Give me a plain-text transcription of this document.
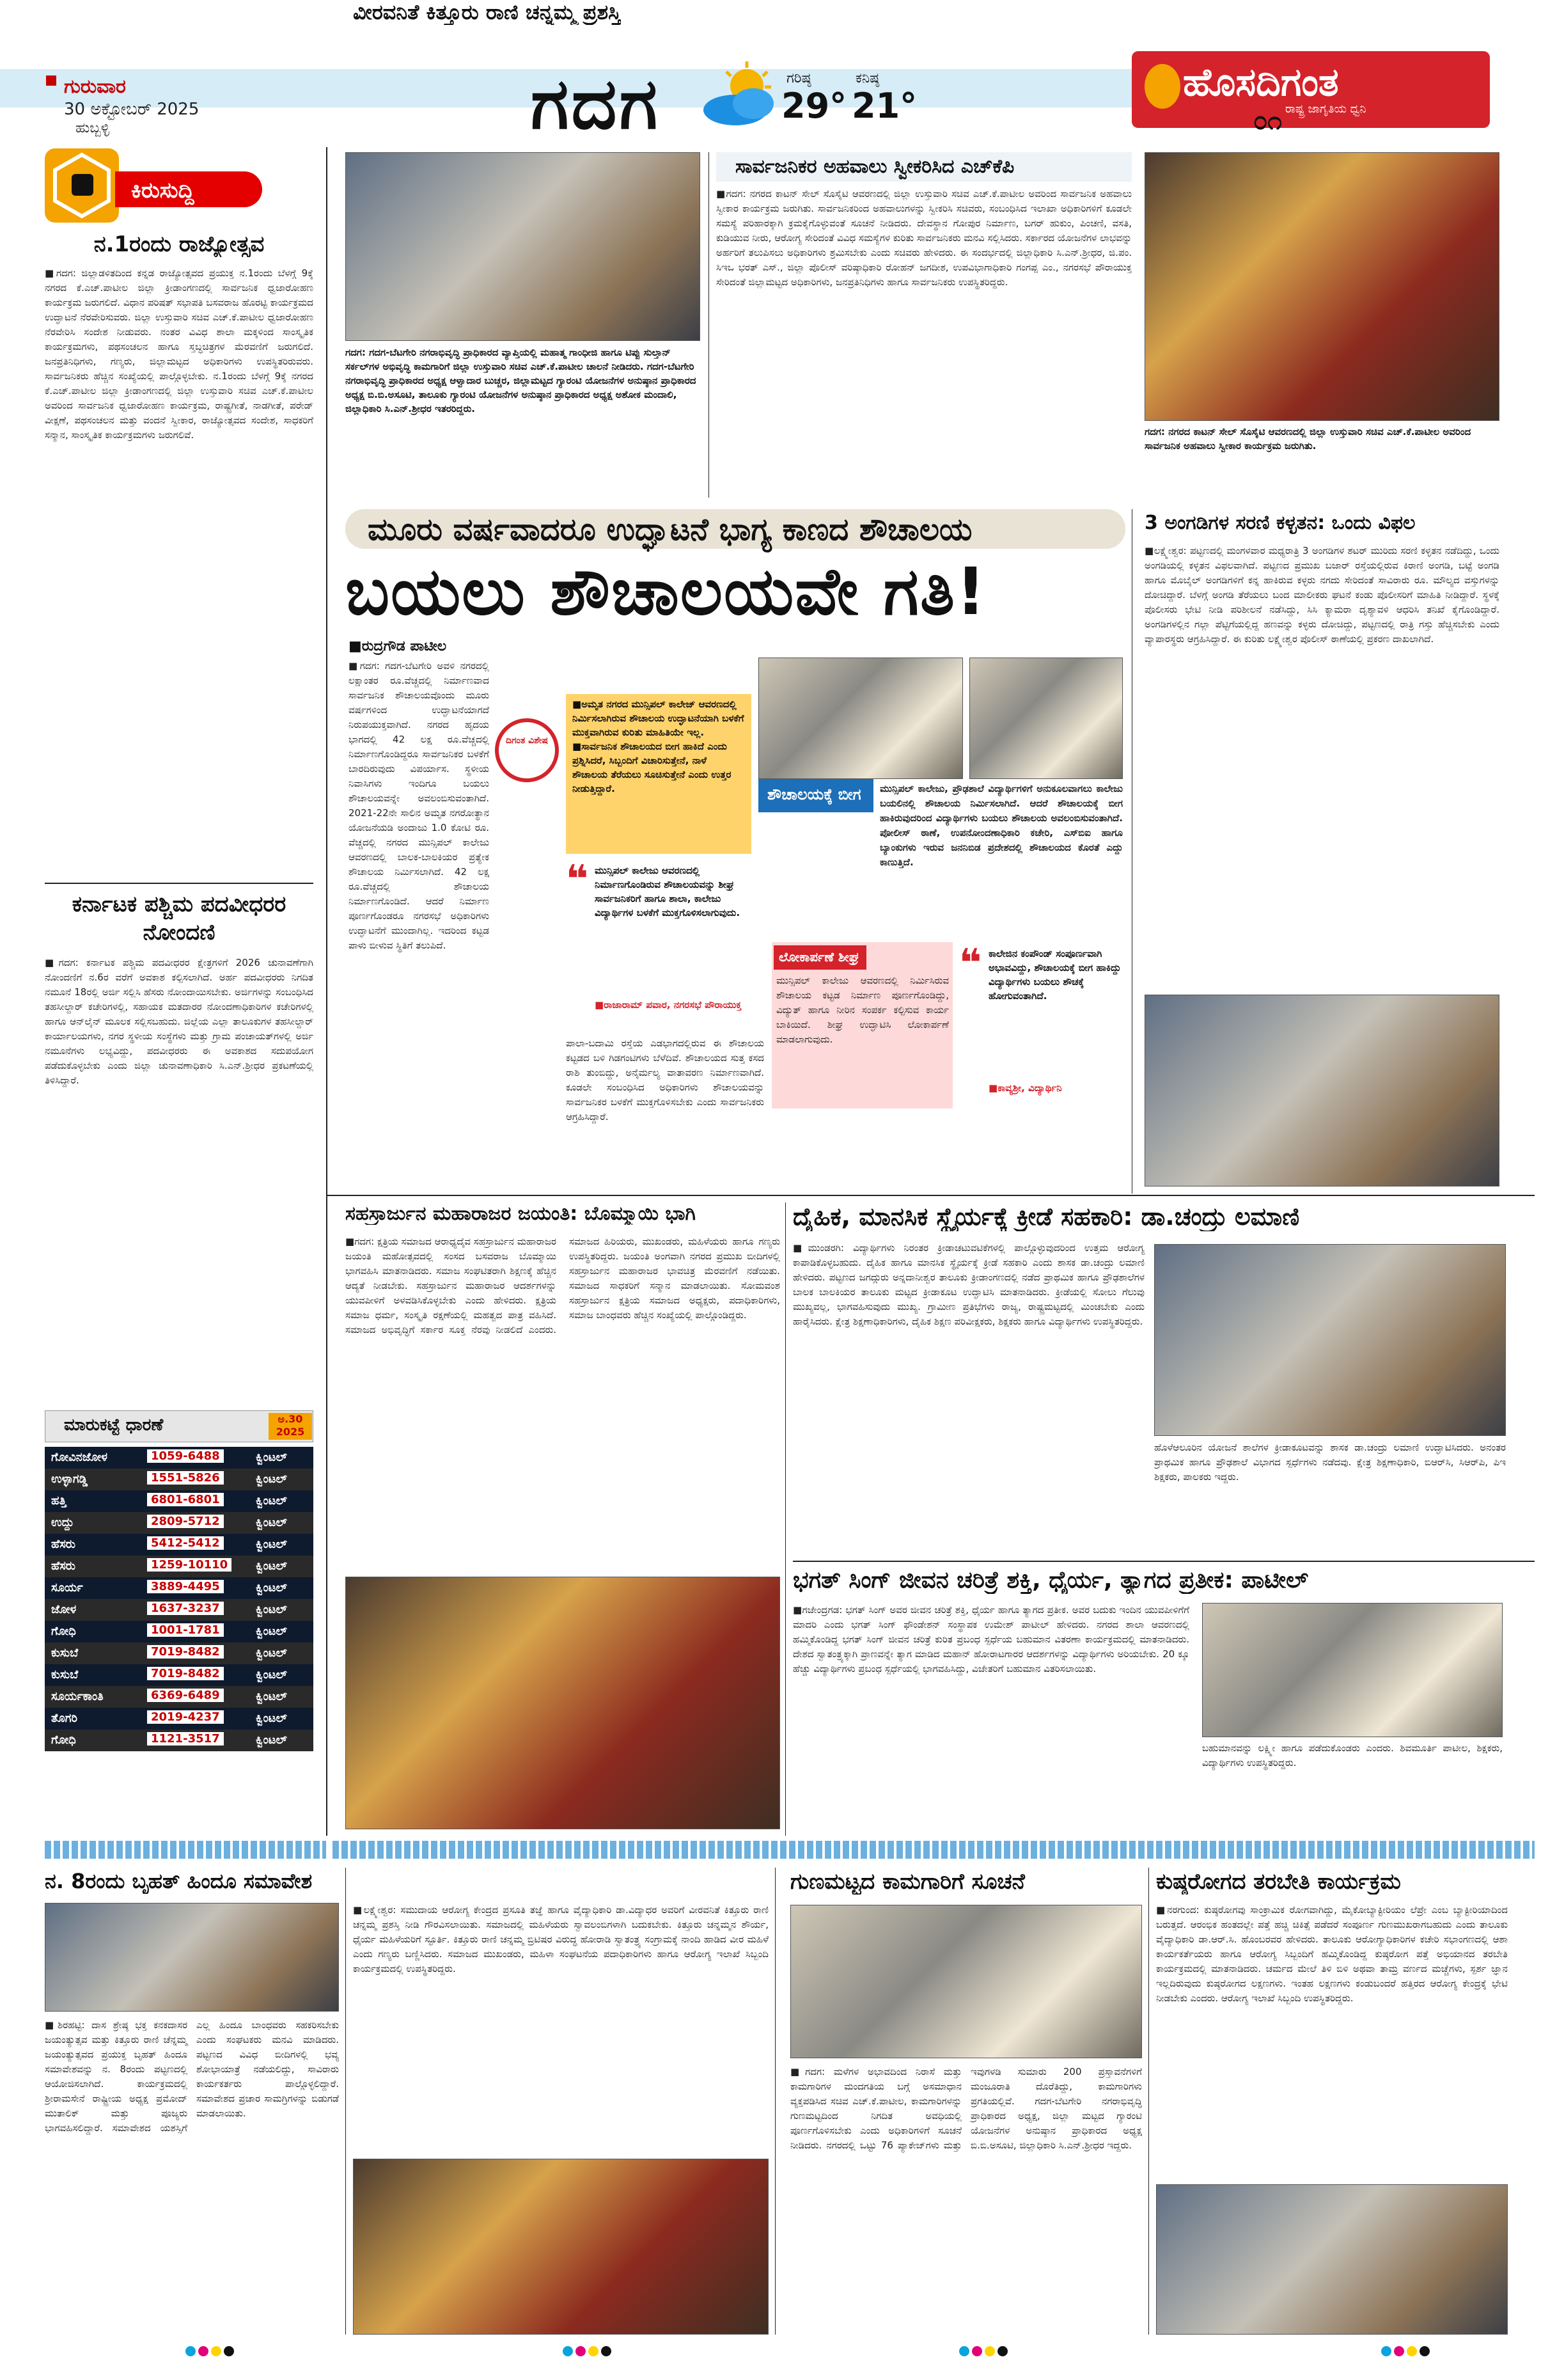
ಗುರುವಾರ
30 ಅಕ್ಟೋಬರ್ 2025
ಹುಬ್ಬಳ್ಳಿ	ಗದಗ	ಗರಿಷ್ಠ
29°
ಕನಿಷ್ಠ
21°
ಹೊಸದಿಗಂತ
ರಾಷ್ಟ್ರ ಜಾಗೃತಿಯ ಧ್ವನಿ
೦೧
ಕಿರುಸುದ್ದಿ
ನ.1ರಂದು ರಾಜ್ಯೋತ್ಸವ
■ಗದಗ: ಜಿಲ್ಲಾಡಳಿತದಿಂದ ಕನ್ನಡ ರಾಜ್ಯೋತ್ಸವದ ಪ್ರಯುಕ್ತ ನ.1ರಂದು ಬೆಳಗ್ಗೆ 9ಕ್ಕೆ ನಗರದ ಕೆ.ಎಚ್.ಪಾಟೀಲ ಜಿಲ್ಲಾ ಕ್ರೀಡಾಂಗಣದಲ್ಲಿ ಸಾರ್ವಜನಿಕ ಧ್ವಜಾರೋಹಣ ಕಾರ್ಯಕ್ರಮ ಜರುಗಲಿದೆ. ವಿಧಾನ ಪರಿಷತ್ ಸಭಾಪತಿ ಬಸವರಾಜ ಹೊರಟ್ಟಿ ಕಾರ್ಯಕ್ರಮದ ಉದ್ಘಾಟನೆ ನೆರವೇರಿಸುವರು. ಜಿಲ್ಲಾ ಉಸ್ತುವಾರಿ ಸಚಿವ ಎಚ್.ಕೆ.ಪಾಟೀಲ ಧ್ವಜಾರೋಹಣ ನೆರವೇರಿಸಿ ಸಂದೇಶ ನೀಡುವರು. ನಂತರ ವಿವಿಧ ಶಾಲಾ ಮಕ್ಕಳಿಂದ ಸಾಂಸ್ಕೃತಿಕ ಕಾರ್ಯಕ್ರಮಗಳು, ಪಥಸಂಚಲನ ಹಾಗೂ ಸ್ತಬ್ಧಚಿತ್ರಗಳ ಮೆರವಣಿಗೆ ಜರುಗಲಿದೆ. ಜನಪ್ರತಿನಿಧಿಗಳು, ಗಣ್ಯರು, ಜಿಲ್ಲಾಮಟ್ಟದ ಅಧಿಕಾರಿಗಳು ಉಪಸ್ಥಿತರಿರುವರು. ಸಾರ್ವಜನಿಕರು ಹೆಚ್ಚಿನ ಸಂಖ್ಯೆಯಲ್ಲಿ ಪಾಲ್ಗೊಳ್ಳಬೇಕು. ನ.1ರಂದು ಬೆಳಗ್ಗೆ 9ಕ್ಕೆ ನಗರದ ಕೆ.ಎಚ್.ಪಾಟೀಲ ಜಿಲ್ಲಾ ಕ್ರೀಡಾಂಗಣದಲ್ಲಿ ಜಿಲ್ಲಾ ಉಸ್ತುವಾರಿ ಸಚಿವ ಎಚ್.ಕೆ.ಪಾಟೀಲ ಅವರಿಂದ ಸಾರ್ವಜನಿಕ ಧ್ವಜಾರೋಹಣ ಕಾರ್ಯಕ್ರಮ, ರಾಷ್ಟ್ರಗೀತೆ, ನಾಡಗೀತೆ, ಪರೇಡ್ ವೀಕ್ಷಣೆ, ಪಥಸಂಚಲನ ಮತ್ತು ವಂದನೆ ಸ್ವೀಕಾರ, ರಾಜ್ಯೋತ್ಸವದ ಸಂದೇಶ, ಸಾಧಕರಿಗೆ ಸನ್ಮಾನ, ಸಾಂಸ್ಕೃತಿಕ ಕಾರ್ಯಕ್ರಮಗಳು ಜರುಗಲಿವೆ.
ಕರ್ನಾಟಕ ಪಶ್ಚಿಮ ಪದವೀಧರರ ನೋಂದಣಿ
■ಗದಗ: ಕರ್ನಾಟಕ ಪಶ್ಚಿಮ ಪದವೀಧರರ ಕ್ಷೇತ್ರಗಳಿಗೆ 2026 ಚುನಾವಣೆಗಾಗಿ ನೋಂದಣಿಗೆ ನ.6ರ ವರೆಗೆ ಅವಕಾಶ ಕಲ್ಪಿಸಲಾಗಿದೆ. ಅರ್ಹ ಪದವೀಧರರು ನಿಗದಿತ ನಮೂನೆ 18ರಲ್ಲಿ ಅರ್ಜಿ ಸಲ್ಲಿಸಿ ಹೆಸರು ನೋಂದಾಯಿಸಬೇಕು. ಅರ್ಜಿಗಳನ್ನು ಸಂಬಂಧಿಸಿದ ತಹಸೀಲ್ದಾರ್ ಕಚೇರಿಗಳಲ್ಲಿ, ಸಹಾಯಕ ಮತದಾರರ ನೋಂದಣಾಧಿಕಾರಿಗಳ ಕಚೇರಿಗಳಲ್ಲಿ ಹಾಗೂ ಆನ್‌ಲೈನ್ ಮೂಲಕ ಸಲ್ಲಿಸಬಹುದು. ಜಿಲ್ಲೆಯ ಎಲ್ಲಾ ತಾಲೂಕುಗಳ ತಹಸೀಲ್ದಾರ್ ಕಾರ್ಯಾಲಯಗಳು, ನಗರ ಸ್ಥಳೀಯ ಸಂಸ್ಥೆಗಳು ಮತ್ತು ಗ್ರಾಮ ಪಂಚಾಯತ್‌ಗಳಲ್ಲಿ ಅರ್ಜಿ ನಮೂನೆಗಳು ಲಭ್ಯವಿದ್ದು, ಪದವೀಧರರು ಈ ಅವಕಾಶದ ಸದುಪಯೋಗ ಪಡೆದುಕೊಳ್ಳಬೇಕು ಎಂದು ಜಿಲ್ಲಾ ಚುನಾವಣಾಧಿಕಾರಿ ಸಿ.ಎನ್.ಶ್ರೀಧರ ಪ್ರಕಟಣೆಯಲ್ಲಿ ತಿಳಿಸಿದ್ದಾರೆ.
ಮಾರುಕಟ್ಟೆ ಧಾರಣೆ	ಅ.30 2025
ಗೋವಿನಜೋಳ	1059-6488	ಕ್ವಿಂಟಲ್
ಉಳ್ಳಾಗಡ್ಡಿ	1551-5826	ಕ್ವಿಂಟಲ್
ಹತ್ತಿ	6801-6801	ಕ್ವಿಂಟಲ್
ಉದ್ದು	2809-5712	ಕ್ವಿಂಟಲ್
ಹೆಸರು	5412-5412	ಕ್ವಿಂಟಲ್
ಹೆಸರು	1259-10110	ಕ್ವಿಂಟಲ್
ಸೂರ್ಯ	3889-4495	ಕ್ವಿಂಟಲ್
ಜೋಳ	1637-3237	ಕ್ವಿಂಟಲ್
ಗೋಧಿ	1001-1781	ಕ್ವಿಂಟಲ್
ಕುಸುಬೆ	7019-8482	ಕ್ವಿಂಟಲ್
ಕುಸುಬೆ	7019-8482	ಕ್ವಿಂಟಲ್
ಸೂರ್ಯಕಾಂತಿ	6369-6489	ಕ್ವಿಂಟಲ್
ತೊಗರಿ	2019-4237	ಕ್ವಿಂಟಲ್
ಗೋಧಿ	1121-3517	ಕ್ವಿಂಟಲ್
ಗದಗ: ಗದಗ-ಬೆಟಗೇರಿ ನಗರಾಭಿವೃದ್ಧಿ ಪ್ರಾಧಿಕಾರದ ವ್ಯಾಪ್ತಿಯಲ್ಲಿ ಮಹಾತ್ಮ ಗಾಂಧೀಜಿ ಹಾಗೂ ಟಿಪ್ಪು ಸುಲ್ತಾನ್ ಸರ್ಕಲ್‌ಗಳ ಅಭಿವೃದ್ಧಿ ಕಾಮಗಾರಿಗೆ ಜಿಲ್ಲಾ ಉಸ್ತುವಾರಿ ಸಚಿವ ಎಚ್.ಕೆ.ಪಾಟೀಲ ಚಾಲನೆ ನೀಡಿದರು. ಗದಗ-ಬೆಟಗೇರಿ ನಗರಾಭಿವೃದ್ಧಿ ಪ್ರಾಧಿಕಾರದ ಅಧ್ಯಕ್ಷ ಆಳ್ವಾದಾರ ಬುಚ್ಚರ, ಜಿಲ್ಲಾಮಟ್ಟದ ಗ್ಯಾರಂಟಿ ಯೋಜನೆಗಳ ಅನುಷ್ಠಾನ ಪ್ರಾಧಿಕಾರದ ಅಧ್ಯಕ್ಷ ಬಿ.ಬಿ.ಅಸೂಟಿ, ತಾಲೂಕು ಗ್ಯಾರಂಟಿ ಯೋಜನೆಗಳ ಅನುಷ್ಠಾನ ಪ್ರಾಧಿಕಾರದ ಅಧ್ಯಕ್ಷ ಅಶೋಕ ಮಂದಾಲಿ, ಜಿಲ್ಲಾಧಿಕಾರಿ ಸಿ.ಎನ್.ಶ್ರೀಧರ ಇತರರಿದ್ದರು.
ಸಾರ್ವಜನಿಕರ ಅಹವಾಲು ಸ್ವೀಕರಿಸಿದ ಎಚ್‌ಕೆಪಿ
■ಗದಗ: ನಗರದ ಕಾಟನ್ ಸೇಲ್ ಸೊಸೈಟಿ ಆವರಣದಲ್ಲಿ ಜಿಲ್ಲಾ ಉಸ್ತುವಾರಿ ಸಚಿವ ಎಚ್.ಕೆ.ಪಾಟೀಲ ಅವರಿಂದ ಸಾರ್ವಜನಿಕ ಅಹವಾಲು ಸ್ವೀಕಾರ ಕಾರ್ಯಕ್ರಮ ಜರುಗಿತು. ಸಾರ್ವಜನಿಕರಿಂದ ಅಹವಾಲುಗಳನ್ನು ಸ್ವೀಕರಿಸಿ ಸಚಿವರು, ಸಂಬಂಧಿಸಿದ ಇಲಾಖಾ ಅಧಿಕಾರಿಗಳಿಗೆ ಕೂಡಲೇ ಸಮಸ್ಯೆ ಪರಿಹಾರಕ್ಕಾಗಿ ಕ್ರಮಕೈಗೊಳ್ಳುವಂತೆ ಸೂಚನೆ ನೀಡಿದರು. ದೇವಸ್ಥಾನ ಗೋಪುರ ನಿರ್ಮಾಣ, ಬಗರ್ ಹುಕುಂ, ಪಿಂಚಣಿ, ವಸತಿ, ಕುಡಿಯುವ ನೀರು, ಆರೋಗ್ಯ ಸೇರಿದಂತೆ ವಿವಿಧ ಸಮಸ್ಯೆಗಳ ಕುರಿತು ಸಾರ್ವಜನಿಕರು ಮನವಿ ಸಲ್ಲಿಸಿದರು. ಸರ್ಕಾರದ ಯೋಜನೆಗಳ ಲಾಭವನ್ನು ಅರ್ಹರಿಗೆ ತಲುಪಿಸಲು ಅಧಿಕಾರಿಗಳು ಶ್ರಮಿಸಬೇಕು ಎಂದು ಸಚಿವರು ಹೇಳಿದರು. ಈ ಸಂದರ್ಭದಲ್ಲಿ ಜಿಲ್ಲಾಧಿಕಾರಿ ಸಿ.ಎನ್.ಶ್ರೀಧರ, ಜಿ.ಪಂ. ಸಿಇಒ ಭರತ್ ಎಸ್., ಜಿಲ್ಲಾ ಪೊಲೀಸ್ ವರಿಷ್ಠಾಧಿಕಾರಿ ರೋಹನ್ ಜಗದೀಶ, ಉಪವಿಭಾಗಾಧಿಕಾರಿ ಗಂಗಪ್ಪ ಎಂ., ನಗರಸಭೆ ಪೌರಾಯುಕ್ತ ಸೇರಿದಂತೆ ಜಿಲ್ಲಾಮಟ್ಟದ ಅಧಿಕಾರಿಗಳು, ಜನಪ್ರತಿನಿಧಿಗಳು ಹಾಗೂ ಸಾರ್ವಜನಿಕರು ಉಪಸ್ಥಿತರಿದ್ದರು.
ಗದಗ: ನಗರದ ಕಾಟನ್ ಸೇಲ್ ಸೊಸೈಟಿ ಆವರಣದಲ್ಲಿ ಜಿಲ್ಲಾ ಉಸ್ತುವಾರಿ ಸಚಿವ ಎಚ್.ಕೆ.ಪಾಟೀಲ ಅವರಿಂದ ಸಾರ್ವಜನಿಕ ಅಹವಾಲು ಸ್ವೀಕಾರ ಕಾರ್ಯಕ್ರಮ ಜರುಗಿತು.
ಮೂರು ವರ್ಷವಾದರೂ ಉದ್ಘಾಟನೆ ಭಾಗ್ಯ ಕಾಣದ ಶೌಚಾಲಯ
ಬಯಲು ಶೌಚಾಲಯವೇ ಗತಿ!
■ರುದ್ರಗೌಡ ಪಾಟೀಲ
■ಗದಗ: ಗದಗ-ಬೆಟಗೇರಿ ಅವಳಿ ನಗರದಲ್ಲಿ ಲಕ್ಷಾಂತರ ರೂ.ವೆಚ್ಚದಲ್ಲಿ ನಿರ್ಮಾಣವಾದ ಸಾರ್ವಜನಿಕ ಶೌಚಾಲಯವೊಂದು ಮೂರು ವರ್ಷಗಳಿಂದ ಉದ್ಘಾಟನೆಯಾಗದೆ ನಿರುಪಯುಕ್ತವಾಗಿದೆ. ನಗರದ ಹೃದಯ ಭಾಗದಲ್ಲಿ 42 ಲಕ್ಷ ರೂ.ವೆಚ್ಚದಲ್ಲಿ ನಿರ್ಮಾಣಗೊಂಡಿದ್ದರೂ ಸಾರ್ವಜನಿಕರ ಬಳಕೆಗೆ ಬಾರದಿರುವುದು ವಿಪರ್ಯಾಸ. ಸ್ಥಳೀಯ ನಿವಾಸಿಗಳು ಇಂದಿಗೂ ಬಯಲು ಶೌಚಾಲಯವನ್ನೇ ಅವಲಂಬಿಸುವಂತಾಗಿದೆ. 2021-22ನೇ ಸಾಲಿನ ಅಮೃತ ನಗರೋತ್ಥಾನ ಯೋಜನೆಯಡಿ ಅಂದಾಜು 1.0 ಕೋಟಿ ರೂ. ವೆಚ್ಚದಲ್ಲಿ ನಗರದ ಮುನ್ಸಿಪಲ್ ಕಾಲೇಜು ಆವರಣದಲ್ಲಿ ಬಾಲಕ-ಬಾಲಕಿಯರ ಪ್ರತ್ಯೇಕ ಶೌಚಾಲಯ ನಿರ್ಮಿಸಲಾಗಿದೆ. 42 ಲಕ್ಷ ರೂ.ವೆಚ್ಚದಲ್ಲಿ ಶೌಚಾಲಯ ನಿರ್ಮಾಣಗೊಂಡಿದೆ. ಆದರೆ ನಿರ್ಮಾಣ ಪೂರ್ಣಗೊಂಡರೂ ನಗರಸಭೆ ಅಧಿಕಾರಿಗಳು ಉದ್ಘಾಟನೆಗೆ ಮುಂದಾಗಿಲ್ಲ. ಇದರಿಂದ ಕಟ್ಟಡ ಪಾಳು ಬೀಳುವ ಸ್ಥಿತಿಗೆ ತಲುಪಿದೆ.
ದಿಗಂತ ವಿಶೇಷ
■ಅಮೃತ ನಗರದ ಮುನ್ಸಿಪಲ್ ಕಾಲೇಜ್ ಆವರಣದಲ್ಲಿ ನಿರ್ಮಿಸಲಾಗಿರುವ ಶೌಚಾಲಯ ಉದ್ಘಾಟನೆಯಾಗಿ ಬಳಕೆಗೆ ಮುಕ್ತವಾಗಿರುವ ಕುರಿತು ಮಾಹಿತಿಯೇ ಇಲ್ಲ. ■ಸಾರ್ವಜನಿಕ ಶೌಚಾಲಯದ ಬೀಗ ಹಾಕಿದೆ ಎಂದು ಪ್ರಶ್ನಿಸಿದರೆ, ಸಿಬ್ಬಂದಿಗೆ ವಿಚಾರಿಸುತ್ತೇನೆ, ನಾಳೆ ಶೌಚಾಲಯ ತೆರೆಯಲು ಸೂಚಿಸುತ್ತೇನೆ ಎಂದು ಉತ್ತರ ನೀಡುತ್ತಿದ್ದಾರೆ.	ಶೌಚಾಲಯಕ್ಕೆ ಬೀಗ ಮುನ್ಸಿಪಲ್ ಕಾಲೇಜು, ಪ್ರೌಢಶಾಲೆ ವಿದ್ಯಾರ್ಥಿಗಳಿಗೆ ಅನುಕೂಲವಾಗಲು ಕಾಲೇಜು ಬಯಲಿನಲ್ಲಿ ಶೌಚಾಲಯ ನಿರ್ಮಿಸಲಾಗಿದೆ. ಆದರೆ ಶೌಚಾಲಯಕ್ಕೆ ಬೀಗ ಹಾಕಿರುವುದರಿಂದ ವಿದ್ಯಾರ್ಥಿಗಳು ಬಯಲು ಶೌಚಾಲಯ ಅವಲಂಬಿಸುವಂತಾಗಿದೆ. ಪೋಲೀಸ್ ಠಾಣೆ, ಉಪನೋಂದಣಾಧಿಕಾರಿ ಕಚೇರಿ, ಎಸ್‌ಬಿಐ ಹಾಗೂ ಬ್ಯಾಂಕುಗಳು ಇರುವ ಜನನಿಬಿಡ ಪ್ರದೇಶದಲ್ಲಿ ಶೌಚಾಲಯದ ಕೊರತೆ ಎದ್ದು ಕಾಣುತ್ತಿದೆ.
❝ ಮುನ್ಸಿಪಲ್ ಕಾಲೇಜು ಆವರಣದಲ್ಲಿ ನಿರ್ಮಾಣಗೊಂಡಿರುವ ಶೌಚಾಲಯವನ್ನು ಶೀಘ್ರ ಸಾರ್ವಜನಿಕರಿಗೆ ಹಾಗೂ ಶಾಲಾ, ಕಾಲೇಜು ವಿದ್ಯಾರ್ಥಿಗಳ ಬಳಕೆಗೆ ಮುಕ್ತಗೊಳಿಸಲಾಗುವುದು.
■ರಾಜಾರಾಮ್ ಪವಾರ, ನಗರಸಭೆ ಪೌರಾಯುಕ್ತ
ಲೋಕಾರ್ಪಣೆ ಶೀಘ್ರ
ಮುನ್ಸಿಪಲ್ ಕಾಲೇಜು ಆವರಣದಲ್ಲಿ ನಿರ್ಮಿಸಿರುವ ಶೌಚಾಲಯ ಕಟ್ಟಡ ನಿರ್ಮಾಣ ಪೂರ್ಣಗೊಂಡಿದ್ದು, ವಿದ್ಯುತ್ ಹಾಗೂ ನೀರಿನ ಸಂಪರ್ಕ ಕಲ್ಪಿಸುವ ಕಾರ್ಯ ಬಾಕಿಯಿದೆ. ಶೀಘ್ರ ಉದ್ಘಾಟಿಸಿ ಲೋಕಾರ್ಪಣೆ ಮಾಡಲಾಗುವುದು.
❝ ಕಾಲೇಜಿನ ಕಂಪೌಂಡ್ ಸಂಪೂರ್ಣವಾಗಿ ಅಭಾವವಿದ್ದು, ಶೌಚಾಲಯಕ್ಕೆ ಬೀಗ ಹಾಕಿದ್ದು ವಿದ್ಯಾರ್ಥಿಗಳು ಬಯಲು ಶೌಚಕ್ಕೆ ಹೋಗುವಂತಾಗಿದೆ.
■ಕಾವ್ಯಶ್ರೀ, ವಿದ್ಯಾರ್ಥಿನಿ
ಪಾಲಾ-ಬದಾಮಿ ರಸ್ತೆಯ ಎಡಭಾಗದಲ್ಲಿರುವ ಈ ಶೌಚಾಲಯ ಕಟ್ಟಡದ ಬಳಿ ಗಿಡಗಂಟಿಗಳು ಬೆಳೆದಿವೆ. ಶೌಚಾಲಯದ ಸುತ್ತ ಕಸದ ರಾಶಿ ತುಂಬಿದ್ದು, ಅನೈರ್ಮಲ್ಯ ವಾತಾವರಣ ನಿರ್ಮಾಣವಾಗಿದೆ. ಕೂಡಲೇ ಸಂಬಂಧಿಸಿದ ಅಧಿಕಾರಿಗಳು ಶೌಚಾಲಯವನ್ನು ಸಾರ್ವಜನಿಕರ ಬಳಕೆಗೆ ಮುಕ್ತಗೊಳಿಸಬೇಕು ಎಂದು ಸಾರ್ವಜನಿಕರು ಆಗ್ರಹಿಸಿದ್ದಾರೆ.
3 ಅಂಗಡಿಗಳ ಸರಣಿ ಕಳ್ಳತನ: ಒಂದು ವಿಫಲ
■ಲಕ್ಷ್ಮೇಶ್ವರ: ಪಟ್ಟಣದಲ್ಲಿ ಮಂಗಳವಾರ ಮಧ್ಯರಾತ್ರಿ 3 ಅಂಗಡಿಗಳ ಶಟರ್ ಮುರಿದು ಸರಣಿ ಕಳ್ಳತನ ನಡೆದಿದ್ದು, ಒಂದು ಅಂಗಡಿಯಲ್ಲಿ ಕಳ್ಳತನ ವಿಫಲವಾಗಿದೆ. ಪಟ್ಟಣದ ಪ್ರಮುಖ ಬಜಾರ್ ರಸ್ತೆಯಲ್ಲಿರುವ ಕಿರಾಣಿ ಅಂಗಡಿ, ಬಟ್ಟೆ ಅಂಗಡಿ ಹಾಗೂ ಮೊಬೈಲ್ ಅಂಗಡಿಗಳಿಗೆ ಕನ್ನ ಹಾಕಿರುವ ಕಳ್ಳರು ನಗದು ಸೇರಿದಂತೆ ಸಾವಿರಾರು ರೂ. ಮೌಲ್ಯದ ವಸ್ತುಗಳನ್ನು ದೋಚಿದ್ದಾರೆ. ಬೆಳಗ್ಗೆ ಅಂಗಡಿ ತೆರೆಯಲು ಬಂದ ಮಾಲೀಕರು ಘಟನೆ ಕಂಡು ಪೊಲೀಸರಿಗೆ ಮಾಹಿತಿ ನೀಡಿದ್ದಾರೆ. ಸ್ಥಳಕ್ಕೆ ಪೊಲೀಸರು ಭೇಟಿ ನೀಡಿ ಪರಿಶೀಲನೆ ನಡೆಸಿದ್ದು, ಸಿಸಿ ಕ್ಯಾಮರಾ ದೃಶ್ಯಾವಳಿ ಆಧರಿಸಿ ತನಿಖೆ ಕೈಗೊಂಡಿದ್ದಾರೆ. ಅಂಗಡಿಗಳಲ್ಲಿನ ಗಲ್ಲಾ ಪೆಟ್ಟಿಗೆಯಲ್ಲಿದ್ದ ಹಣವನ್ನು ಕಳ್ಳರು ದೋಚಿದ್ದು, ಪಟ್ಟಣದಲ್ಲಿ ರಾತ್ರಿ ಗಸ್ತು ಹೆಚ್ಚಿಸಬೇಕು ಎಂದು ವ್ಯಾಪಾರಸ್ಥರು ಆಗ್ರಹಿಸಿದ್ದಾರೆ. ಈ ಕುರಿತು ಲಕ್ಷ್ಮೇಶ್ವರ ಪೊಲೀಸ್ ಠಾಣೆಯಲ್ಲಿ ಪ್ರಕರಣ ದಾಖಲಾಗಿದೆ.
ಸಹಸ್ರಾರ್ಜುನ ಮಹಾರಾಜರ ಜಯಂತಿ: ಬೊಮ್ಮಾಯಿ ಭಾಗಿ
■ಗದಗ: ಕ್ಷತ್ರಿಯ ಸಮಾಜದ ಆರಾಧ್ಯದೈವ ಸಹಸ್ರಾರ್ಜುನ ಮಹಾರಾಜರ ಜಯಂತಿ ಮಹೋತ್ಸವದಲ್ಲಿ ಸಂಸದ ಬಸವರಾಜ ಬೊಮ್ಮಾಯಿ ಭಾಗವಹಿಸಿ ಮಾತನಾಡಿದರು. ಸಮಾಜ ಸಂಘಟಿತರಾಗಿ ಶಿಕ್ಷಣಕ್ಕೆ ಹೆಚ್ಚಿನ ಆದ್ಯತೆ ನೀಡಬೇಕು. ಸಹಸ್ರಾರ್ಜುನ ಮಹಾರಾಜರ ಆದರ್ಶಗಳನ್ನು ಯುವಪೀಳಿಗೆ ಅಳವಡಿಸಿಕೊಳ್ಳಬೇಕು ಎಂದು ಹೇಳಿದರು. ಕ್ಷತ್ರಿಯ ಸಮಾಜ ಧರ್ಮ, ಸಂಸ್ಕೃತಿ ರಕ್ಷಣೆಯಲ್ಲಿ ಮಹತ್ವದ ಪಾತ್ರ ವಹಿಸಿದೆ. ಸಮಾಜದ ಅಭಿವೃದ್ಧಿಗೆ ಸರ್ಕಾರ ಸೂಕ್ತ ನೆರವು ನೀಡಲಿದೆ ಎಂದರು. ಸಮಾಜದ ಹಿರಿಯರು, ಮುಖಂಡರು, ಮಹಿಳೆಯರು ಹಾಗೂ ಗಣ್ಯರು ಉಪಸ್ಥಿತರಿದ್ದರು. ಜಯಂತಿ ಅಂಗವಾಗಿ ನಗರದ ಪ್ರಮುಖ ಬೀದಿಗಳಲ್ಲಿ ಸಹಸ್ರಾರ್ಜುನ ಮಹಾರಾಜರ ಭಾವಚಿತ್ರ ಮೆರವಣಿಗೆ ನಡೆಯಿತು. ಸಮಾಜದ ಸಾಧಕರಿಗೆ ಸನ್ಮಾನ ಮಾಡಲಾಯಿತು. ಸೋಮವಂಶ ಸಹಸ್ರಾರ್ಜುನ ಕ್ಷತ್ರಿಯ ಸಮಾಜದ ಅಧ್ಯಕ್ಷರು, ಪದಾಧಿಕಾರಿಗಳು, ಸಮಾಜ ಬಾಂಧವರು ಹೆಚ್ಚಿನ ಸಂಖ್ಯೆಯಲ್ಲಿ ಪಾಲ್ಗೊಂಡಿದ್ದರು.
ದೈಹಿಕ, ಮಾನಸಿಕ ಸ್ಥೈರ್ಯಕ್ಕೆ ಕ್ರೀಡೆ ಸಹಕಾರಿ: ಡಾ.ಚಂದ್ರು ಲಮಾಣಿ
■ಮುಂಡರಗಿ: ವಿದ್ಯಾರ್ಥಿಗಳು ನಿರಂತರ ಕ್ರೀಡಾಚಟುವಟಿಕೆಗಳಲ್ಲಿ ಪಾಲ್ಗೊಳ್ಳುವುದರಿಂದ ಉತ್ತಮ ಆರೋಗ್ಯ ಕಾಪಾಡಿಕೊಳ್ಳಬಹುದು. ದೈಹಿಕ ಹಾಗೂ ಮಾನಸಿಕ ಸ್ಥೈರ್ಯಕ್ಕೆ ಕ್ರೀಡೆ ಸಹಕಾರಿ ಎಂದು ಶಾಸಕ ಡಾ.ಚಂದ್ರು ಲಮಾಣಿ ಹೇಳಿದರು. ಪಟ್ಟಣದ ಜಗದ್ಗುರು ಅನ್ನದಾನೀಶ್ವರ ತಾಲೂಕು ಕ್ರೀಡಾಂಗಣದಲ್ಲಿ ನಡೆದ ಪ್ರಾಥಮಿಕ ಹಾಗೂ ಪ್ರೌಢಶಾಲೆಗಳ ಬಾಲಕ ಬಾಲಕಿಯರ ತಾಲೂಕು ಮಟ್ಟದ ಕ್ರೀಡಾಕೂಟ ಉದ್ಘಾಟಿಸಿ ಮಾತನಾಡಿದರು. ಕ್ರೀಡೆಯಲ್ಲಿ ಸೋಲು ಗೆಲುವು ಮುಖ್ಯವಲ್ಲ, ಭಾಗವಹಿಸುವುದು ಮುಖ್ಯ. ಗ್ರಾಮೀಣ ಪ್ರತಿಭೆಗಳು ರಾಜ್ಯ, ರಾಷ್ಟ್ರಮಟ್ಟದಲ್ಲಿ ಮಿಂಚಬೇಕು ಎಂದು ಹಾರೈಸಿದರು. ಕ್ಷೇತ್ರ ಶಿಕ್ಷಣಾಧಿಕಾರಿಗಳು, ದೈಹಿಕ ಶಿಕ್ಷಣ ಪರಿವೀಕ್ಷಕರು, ಶಿಕ್ಷಕರು ಹಾಗೂ ವಿದ್ಯಾರ್ಥಿಗಳು ಉಪಸ್ಥಿತರಿದ್ದರು.
ಹೊಳೆಆಲೂರಿನ ಯೋಜನೆ ಶಾಲೆಗಳ ಕ್ರೀಡಾಕೂಟವನ್ನು ಶಾಸಕ ಡಾ.ಚಂದ್ರು ಲಮಾಣಿ ಉದ್ಘಾಟಿಸಿದರು. ಅನಂತರ ಪ್ರಾಥಮಿಕ ಹಾಗೂ ಪ್ರೌಢಶಾಲೆ ವಿಭಾಗದ ಸ್ಪರ್ಧೆಗಳು ನಡೆದವು. ಕ್ಷೇತ್ರ ಶಿಕ್ಷಣಾಧಿಕಾರಿ, ಬಿಆರ್‌ಸಿ, ಸಿಆರ್‌ಪಿ, ಪಿಇ ಶಿಕ್ಷಕರು, ಪಾಲಕರು ಇದ್ದರು.
ಭಗತ್ ಸಿಂಗ್ ಜೀವನ ಚರಿತ್ರೆ ಶಕ್ತಿ, ಧೈರ್ಯ, ತ್ಯಾಗದ ಪ್ರತೀಕ: ಪಾಟೀಲ್
■ಗಜೇಂದ್ರಗಡ: ಭಗತ್ ಸಿಂಗ್ ಅವರ ಜೀವನ ಚರಿತ್ರೆ ಶಕ್ತಿ, ಧೈರ್ಯ ಹಾಗೂ ತ್ಯಾಗದ ಪ್ರತೀಕ. ಅವರ ಬದುಕು ಇಂದಿನ ಯುವಪೀಳಿಗೆಗೆ ಮಾದರಿ ಎಂದು ಭಗತ್ ಸಿಂಗ್ ಫೌಂಡೇಶನ್ ಸಂಸ್ಥಾಪಕ ಉಮೇಶ್ ಪಾಟೀಲ್ ಹೇಳಿದರು. ನಗರದ ಶಾಲಾ ಆವರಣದಲ್ಲಿ ಹಮ್ಮಿಕೊಂಡಿದ್ದ ಭಗತ್ ಸಿಂಗ್ ಜೀವನ ಚರಿತ್ರೆ ಕುರಿತ ಪ್ರಬಂಧ ಸ್ಪರ್ಧೆಯ ಬಹುಮಾನ ವಿತರಣಾ ಕಾರ್ಯಕ್ರಮದಲ್ಲಿ ಮಾತನಾಡಿದರು. ದೇಶದ ಸ್ವಾತಂತ್ರ್ಯಕ್ಕಾಗಿ ಪ್ರಾಣವನ್ನೇ ತ್ಯಾಗ ಮಾಡಿದ ಮಹಾನ್ ಹೋರಾಟಗಾರರ ಆದರ್ಶಗಳನ್ನು ವಿದ್ಯಾರ್ಥಿಗಳು ಅರಿಯಬೇಕು. 20 ಕ್ಕೂ ಹೆಚ್ಚು ವಿದ್ಯಾರ್ಥಿಗಳು ಪ್ರಬಂಧ ಸ್ಪರ್ಧೆಯಲ್ಲಿ ಭಾಗವಹಿಸಿದ್ದು, ವಿಜೇತರಿಗೆ ಬಹುಮಾನ ವಿತರಿಸಲಾಯಿತು.
ಬಹುಮಾನವನ್ನು ಲಕ್ಷ್ಮೀ ಹಾಗೂ ಪಡೆದುಕೊಂಡರು ಎಂದರು. ಶಿವಮೂರ್ತಿ ಪಾಟೀಲ, ಶಿಕ್ಷಕರು, ವಿದ್ಯಾರ್ಥಿಗಳು ಉಪಸ್ಥಿತರಿದ್ದರು.
ನ. 8ರಂದು ಬೃಹತ್ ಹಿಂದೂ ಸಮಾವೇಶ
■ಶಿರಹಟ್ಟಿ: ದಾಸ ಶ್ರೇಷ್ಠ ಭಕ್ತ ಕನಕದಾಸರ ಜಯಂತ್ಯುತ್ಸವ ಮತ್ತು ಕಿತ್ತೂರು ರಾಣಿ ಚೆನ್ನಮ್ಮ ಜಯಂತ್ಯುತ್ಸವದ ಪ್ರಯುಕ್ತ ಬೃಹತ್ ಹಿಂದೂ ಸಮಾವೇಶವನ್ನು ನ. 8ರಂದು ಪಟ್ಟಣದಲ್ಲಿ ಆಯೋಜಿಸಲಾಗಿದೆ. ಕಾರ್ಯಕ್ರಮದಲ್ಲಿ ಶ್ರೀರಾಮಸೇನೆ ರಾಷ್ಟ್ರೀಯ ಅಧ್ಯಕ್ಷ ಪ್ರಮೋದ್ ಮುತಾಲಿಕ್ ಮತ್ತು ಪೂಜ್ಯರು ಭಾಗವಹಿಸಲಿದ್ದಾರೆ. ಸಮಾವೇಶದ ಯಶಸ್ಸಿಗೆ ಎಲ್ಲ ಹಿಂದೂ ಬಾಂಧವರು ಸಹಕರಿಸಬೇಕು ಎಂದು ಸಂಘಟಕರು ಮನವಿ ಮಾಡಿದರು. ಪಟ್ಟಣದ ವಿವಿಧ ಬೀದಿಗಳಲ್ಲಿ ಭವ್ಯ ಶೋಭಾಯಾತ್ರೆ ನಡೆಯಲಿದ್ದು, ಸಾವಿರಾರು ಕಾರ್ಯಕರ್ತರು ಪಾಲ್ಗೊಳ್ಳಲಿದ್ದಾರೆ. ಸಮಾವೇಶದ ಪ್ರಚಾರ ಸಾಮಗ್ರಿಗಳನ್ನು ಬಿಡುಗಡೆ ಮಾಡಲಾಯಿತು.
ವೀರವನಿತೆ ಕಿತ್ತೂರು ರಾಣಿ ಚನ್ನಮ್ಮ ಪ್ರಶಸ್ತಿ
■ಲಕ್ಷ್ಮೇಶ್ವರ: ಸಮುದಾಯ ಆರೋಗ್ಯ ಕೇಂದ್ರದ ಪ್ರಸೂತಿ ತಜ್ಞೆ ಹಾಗೂ ವೈದ್ಯಾಧಿಕಾರಿ ಡಾ.ವಿದ್ಯಾಧರ ಅವರಿಗೆ ವೀರವನಿತೆ ಕಿತ್ತೂರು ರಾಣಿ ಚನ್ನಮ್ಮ ಪ್ರಶಸ್ತಿ ನೀಡಿ ಗೌರವಿಸಲಾಯಿತು. ಸಮಾಜದಲ್ಲಿ ಮಹಿಳೆಯರು ಸ್ವಾವಲಂಬಿಗಳಾಗಿ ಬದುಕಬೇಕು. ಕಿತ್ತೂರು ಚನ್ನಮ್ಮನ ಶೌರ್ಯ, ಧೈರ್ಯ ಮಹಿಳೆಯರಿಗೆ ಸ್ಫೂರ್ತಿ. ಕಿತ್ತೂರು ರಾಣಿ ಚನ್ನಮ್ಮ ಬ್ರಿಟಿಷರ ವಿರುದ್ಧ ಹೋರಾಡಿ ಸ್ವಾತಂತ್ರ್ಯ ಸಂಗ್ರಾಮಕ್ಕೆ ನಾಂದಿ ಹಾಡಿದ ವೀರ ಮಹಿಳೆ ಎಂದು ಗಣ್ಯರು ಬಣ್ಣಿಸಿದರು. ಸಮಾಜದ ಮುಖಂಡರು, ಮಹಿಳಾ ಸಂಘಟನೆಯ ಪದಾಧಿಕಾರಿಗಳು ಹಾಗೂ ಆರೋಗ್ಯ ಇಲಾಖೆ ಸಿಬ್ಬಂದಿ ಕಾರ್ಯಕ್ರಮದಲ್ಲಿ ಉಪಸ್ಥಿತರಿದ್ದರು.
ಗುಣಮಟ್ಟದ ಕಾಮಗಾರಿಗೆ ಸೂಚನೆ
■ಗದಗ: ಮಳೆಗಳ ಅಭಾವದಿಂದ ನಿರಾಸೆ ಮತ್ತು ಕಾಮಗಾರಿಗಳ ಮಂದಗತಿಯ ಬಗ್ಗೆ ಅಸಮಾಧಾನ ವ್ಯಕ್ತಪಡಿಸಿದ ಸಚಿವ ಎಚ್.ಕೆ.ಪಾಟೀಲ, ಕಾಮಗಾರಿಗಳನ್ನು ಗುಣಮಟ್ಟದಿಂದ ನಿಗದಿತ ಅವಧಿಯಲ್ಲಿ ಪೂರ್ಣಗೊಳಿಸಬೇಕು ಎಂದು ಅಧಿಕಾರಿಗಳಿಗೆ ಸೂಚನೆ ನೀಡಿದರು. ನಗರದಲ್ಲಿ ಒಟ್ಟು 76 ಪ್ಯಾಕೇಜ್‌ಗಳು ಮತ್ತು ಇವುಗಳಡಿ ಸುಮಾರು 200 ಪ್ರಸ್ತಾವನೆಗಳಿಗೆ ಮಂಜೂರಾತಿ ದೊರೆತಿದ್ದು, ಕಾಮಗಾರಿಗಳು ಪ್ರಗತಿಯಲ್ಲಿವೆ. ಗದಗ-ಬೆಟಗೇರಿ ನಗರಾಭಿವೃದ್ಧಿ ಪ್ರಾಧಿಕಾರದ ಅಧ್ಯಕ್ಷ, ಜಿಲ್ಲಾ ಮಟ್ಟದ ಗ್ಯಾರಂಟಿ ಯೋಜನೆಗಳ ಅನುಷ್ಠಾನ ಪ್ರಾಧಿಕಾರದ ಅಧ್ಯಕ್ಷ ಬಿ.ಬಿ.ಅಸೂಟಿ, ಜಿಲ್ಲಾಧಿಕಾರಿ ಸಿ.ಎನ್.ಶ್ರೀಧರ ಇದ್ದರು.
ಕುಷ್ಠರೋಗದ ತರಬೇತಿ ಕಾರ್ಯಕ್ರಮ
■ನರಗುಂದ: ಕುಷ್ಠರೋಗವು ಸಾಂಕ್ರಾಮಿಕ ರೋಗವಾಗಿದ್ದು, ಮೈಕೋಬ್ಯಾಕ್ಟೀರಿಯಂ ಲೆಪ್ರೇ ಎಂಬ ಬ್ಯಾಕ್ಟೀರಿಯಾದಿಂದ ಬರುತ್ತದೆ. ಆರಂಭಿಕ ಹಂತದಲ್ಲೇ ಪತ್ತೆ ಹಚ್ಚಿ ಚಿಕಿತ್ಸೆ ಪಡೆದರೆ ಸಂಪೂರ್ಣ ಗುಣಮುಖರಾಗಬಹುದು ಎಂದು ತಾಲೂಕು ವೈದ್ಯಾಧಿಕಾರಿ ಡಾ.ಆರ್.ಸಿ. ಹೊಂಬರವರ ಹೇಳಿದರು. ತಾಲೂಕು ಆರೋಗ್ಯಾಧಿಕಾರಿಗಳ ಕಚೇರಿ ಸಭಾಂಗಣದಲ್ಲಿ ಆಶಾ ಕಾರ್ಯಕರ್ತೆಯರು ಹಾಗೂ ಆರೋಗ್ಯ ಸಿಬ್ಬಂದಿಗೆ ಹಮ್ಮಿಕೊಂಡಿದ್ದ ಕುಷ್ಠರೋಗ ಪತ್ತೆ ಅಭಿಯಾನದ ತರಬೇತಿ ಕಾರ್ಯಕ್ರಮದಲ್ಲಿ ಮಾತನಾಡಿದರು. ಚರ್ಮದ ಮೇಲೆ ತಿಳಿ ಬಿಳಿ ಅಥವಾ ತಾಮ್ರ ವರ್ಣದ ಮಚ್ಚೆಗಳು, ಸ್ಪರ್ಶ ಜ್ಞಾನ ಇಲ್ಲದಿರುವುದು ಕುಷ್ಠರೋಗದ ಲಕ್ಷಣಗಳು. ಇಂತಹ ಲಕ್ಷಣಗಳು ಕಂಡುಬಂದರೆ ಹತ್ತಿರದ ಆರೋಗ್ಯ ಕೇಂದ್ರಕ್ಕೆ ಭೇಟಿ ನೀಡಬೇಕು ಎಂದರು. ಆರೋಗ್ಯ ಇಲಾಖೆ ಸಿಬ್ಬಂದಿ ಉಪಸ್ಥಿತರಿದ್ದರು.
